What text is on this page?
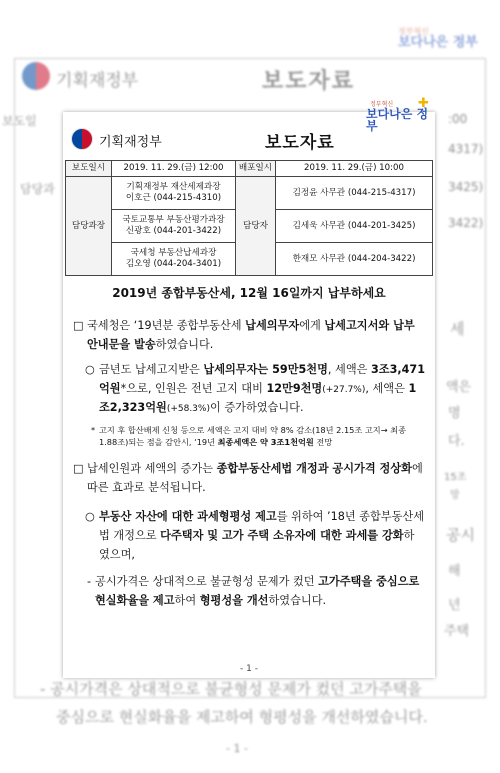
기획재정부	보도자료
정부혁신
보다나은 정부
보도일
담당과
:00
4317)
3425)
3422)
세
액은
명
다.
15조
망
공시
해
년
주택
- 공시가격은 상대적으로 불균형성 문제가 컸던 고가주택을
중심으로 현실화율을 제고하여 형평성을 개선하였습니다.
- 1 -
정부혁신
보다나은 정부
✚
기획재정부	보도자료
보도일시	2019. 11. 29.(금) 12:00	배포일시	2019. 11. 29.(금) 10:00
담당과장	기획재정부 재산세제과장
이호근 (044-215-4310)	담당자	김정윤 사무관 (044-215-4317)

	국토교통부 부동산평가과장
신광호 (044-201-3422)		김세욱 사무관 (044-201-3425)

	국세청 부동산납세과장
김오영 (044-204-3401)		한재모 사무관 (044-204-3422)
2019년 종합부동산세, 12월 16일까지 납부하세요
□ 국세청은 ‘19년분 종합부동산세 납세의무자에게 납세고지서와 납부안내문을 발송하였습니다.
○ 금년도 납세고지받은 납세의무자는 59만5천명, 세액은 3조3,471억원*으로, 인원은 전년 고지 대비 12만9천명(+27.7%), 세액은 1조2,323억원(+58.3%)이 증가하였습니다.
* 고지 후 합산배제 신청 등으로 세액은 고지 대비 약 8% 감소(18년 2.15조 고지→ 최종 1.88조)되는 점을 감안시, ‘19년 최종세액은 약 3조1천억원 전망
□ 납세인원과 세액의 증가는 종합부동산세법 개정과 공시가격 정상화에 따른 효과로 분석됩니다.
○ 부동산 자산에 대한 과세형평성 제고를 위하여 ’18년 종합부동산세법 개정으로 다주택자 및 고가 주택 소유자에 대한 과세를 강화하였으며,
- 공시가격은 상대적으로 불균형성 문제가 컸던 고가주택을 중심으로 현실화율을 제고하여 형평성을 개선하였습니다.
- 1 -
